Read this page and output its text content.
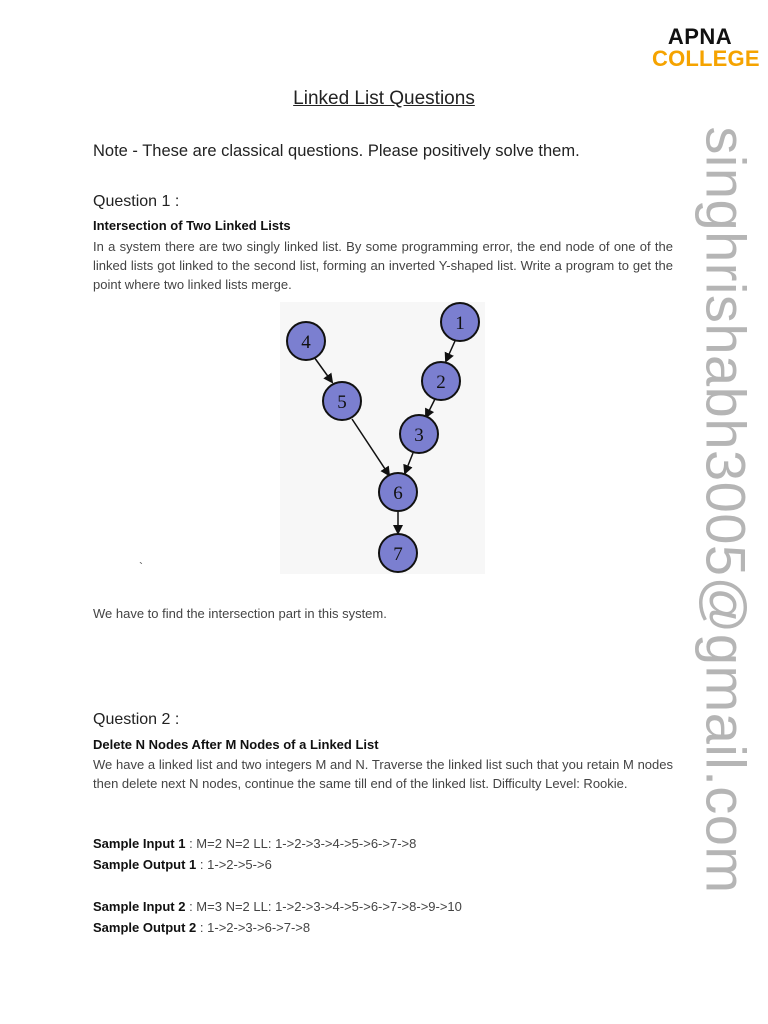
APNA
COLLEGE
Linked List Questions
Note - These are classical questions. Please positively solve them.
Question 1 :
Intersection of Two Linked Lists
In a system there are two singly linked list. By some programming error, the end node of one of the linked lists got linked to the second list, forming an inverted Y-shaped list. Write a program to get the point where two linked lists merge.
1
2
3
4
5
6
7
`
We have to find the intersection part in this system.
Question 2 :
Delete N Nodes After M Nodes of a Linked List
We have a linked list and two integers M and N. Traverse the linked list such that you retain M nodes then delete next N nodes, continue the same till end of the linked list. Difficulty Level: Rookie.
Sample Input 1 : M=2 N=2 LL: 1->2->3->4->5->6->7->8
Sample Output 1 : 1->2->5->6
Sample Input 2 : M=3 N=2 LL: 1->2->3->4->5->6->7->8->9->10
Sample Output 2 : 1->2->3->6->7->8
singhrishabh3005@gmail.com
